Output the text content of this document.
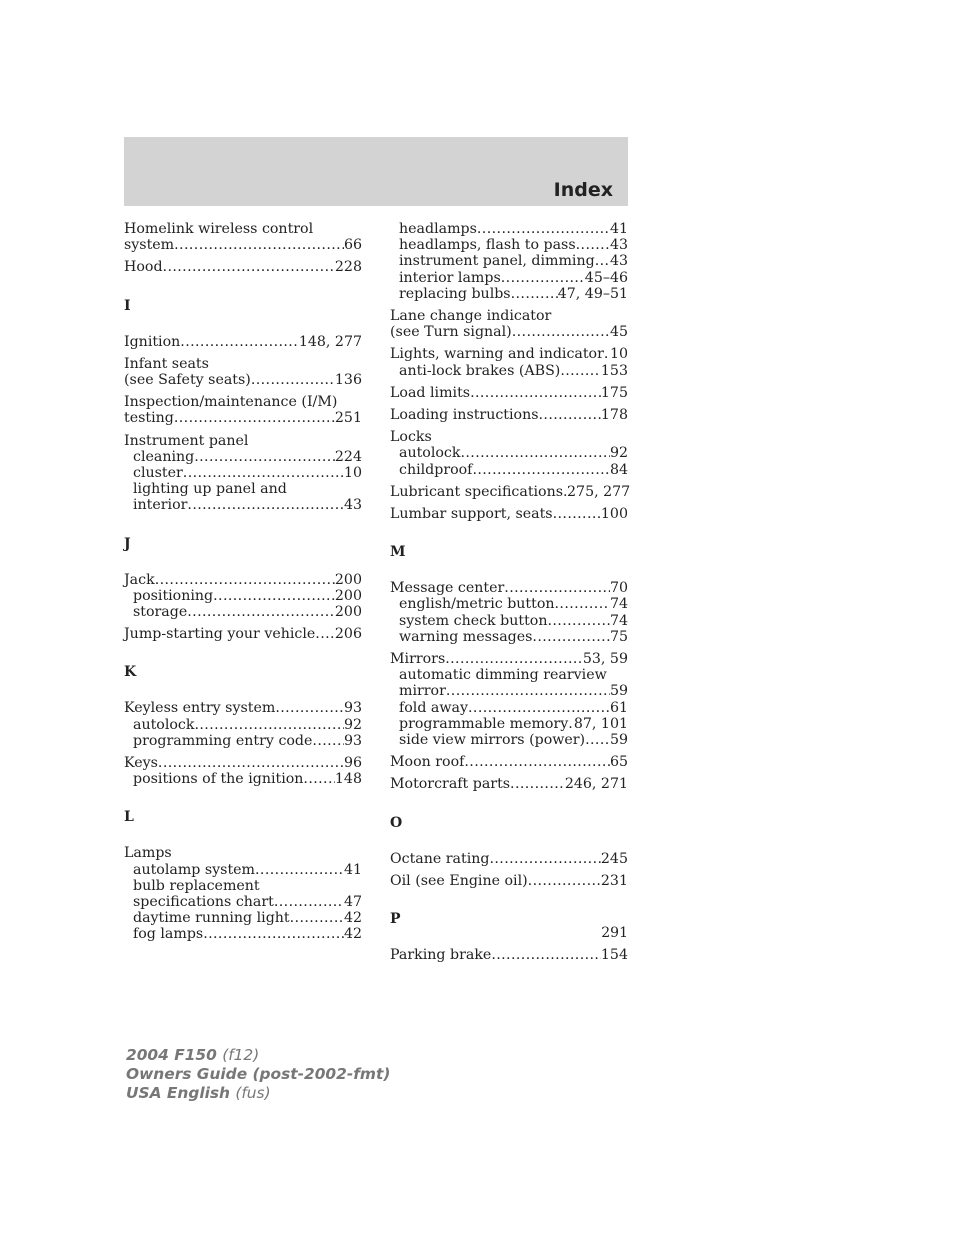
Index
Homelink wireless control
system .....	66
Hood .....	228
I
Ignition .....	148, 277
Infant seats
(see Safety seats) .....	136
Inspection/maintenance (I/M)
testing .....	251
Instrument panel
cleaning .....	224
cluster .....	10
lighting up panel and
interior .....	43
J
Jack .....	200
positioning .....	200
storage .....	200
Jump-starting your vehicle ..... 206
K
Keyless entry system .....	93
autolock .....	92
programming entry code ..... 93
Keys .....	96
positions of the ignition ..... 148
L
Lamps
autolamp system .....	41
bulb replacement
specifications chart .....	47
daytime running light .....	42
fog lamps .....	42
headlamps .....	41
headlamps, flash to pass ..... 43
instrument panel, dimming ..... 43
interior lamps .....	45–46
replacing bulbs .....	47, 49–51
Lane change indicator
(see Turn signal) .....	45
Lights, warning and indicator ..... 10
anti-lock brakes (ABS) .....	153
Load limits .....	175
Loading instructions .....	178
Locks
autolock .....	92
childproof .....	84
Lubricant specifications ..... 275, 277
Lumbar support, seats .....	100
M
Message center .....	70
english/metric button .....	74
system check button .....	74
warning messages .....	75
Mirrors .....	53, 59
automatic dimming rearview
mirror .....	59
fold away .....	61
programmable memory ..... 87, 101
side view mirrors (power) ..... 59
Moon roof .....	65
Motorcraft parts .....	246, 271
O
Octane rating .....	245
Oil (see Engine oil) .....	231
P
Parking brake .....	154
291
2004 F150 (f12)
Owners Guide (post-2002-fmt)
USA English (fus)
